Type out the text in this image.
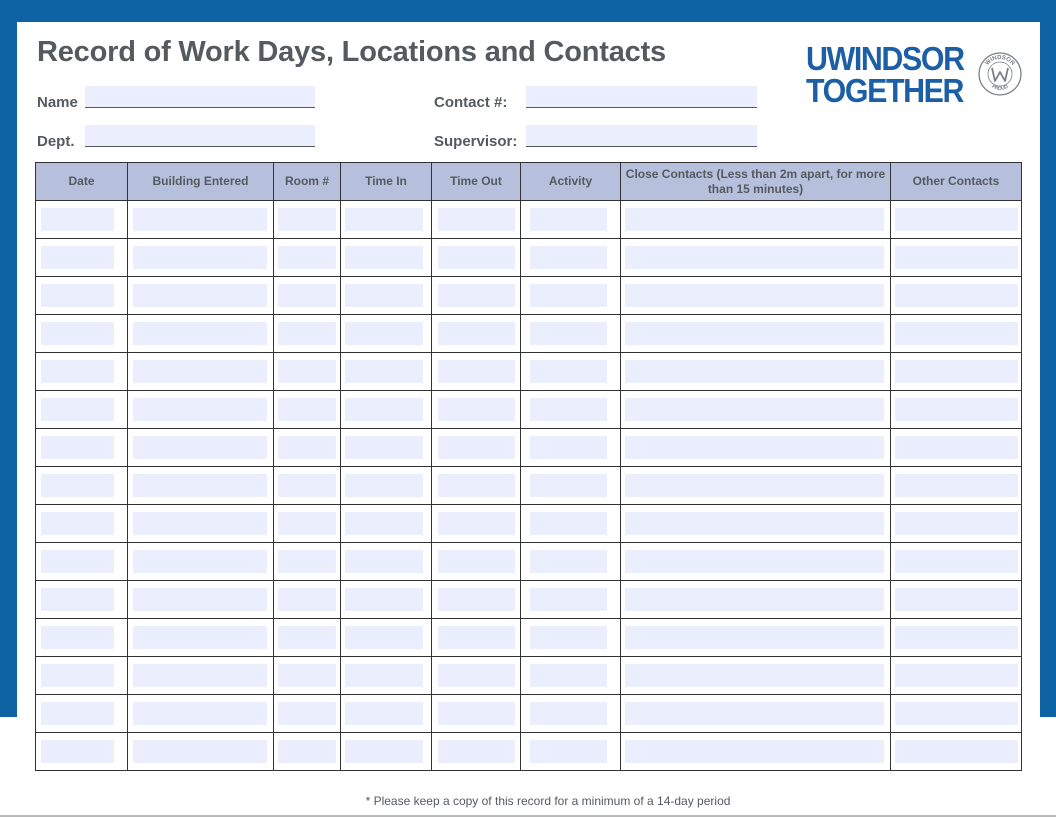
Record of Work Days, Locations and Contacts
Name
Dept.
Contact #:
Supervisor:
UWINDSOR
TOGETHER
WINDSOR
PROUD
Date	Building Entered	Room #	Time In	Time Out	Activity	Close Contacts (Less than 2m apart, for more than 15 minutes)	Other Contacts

* Please keep a copy of this record for a minimum of a 14-day period
